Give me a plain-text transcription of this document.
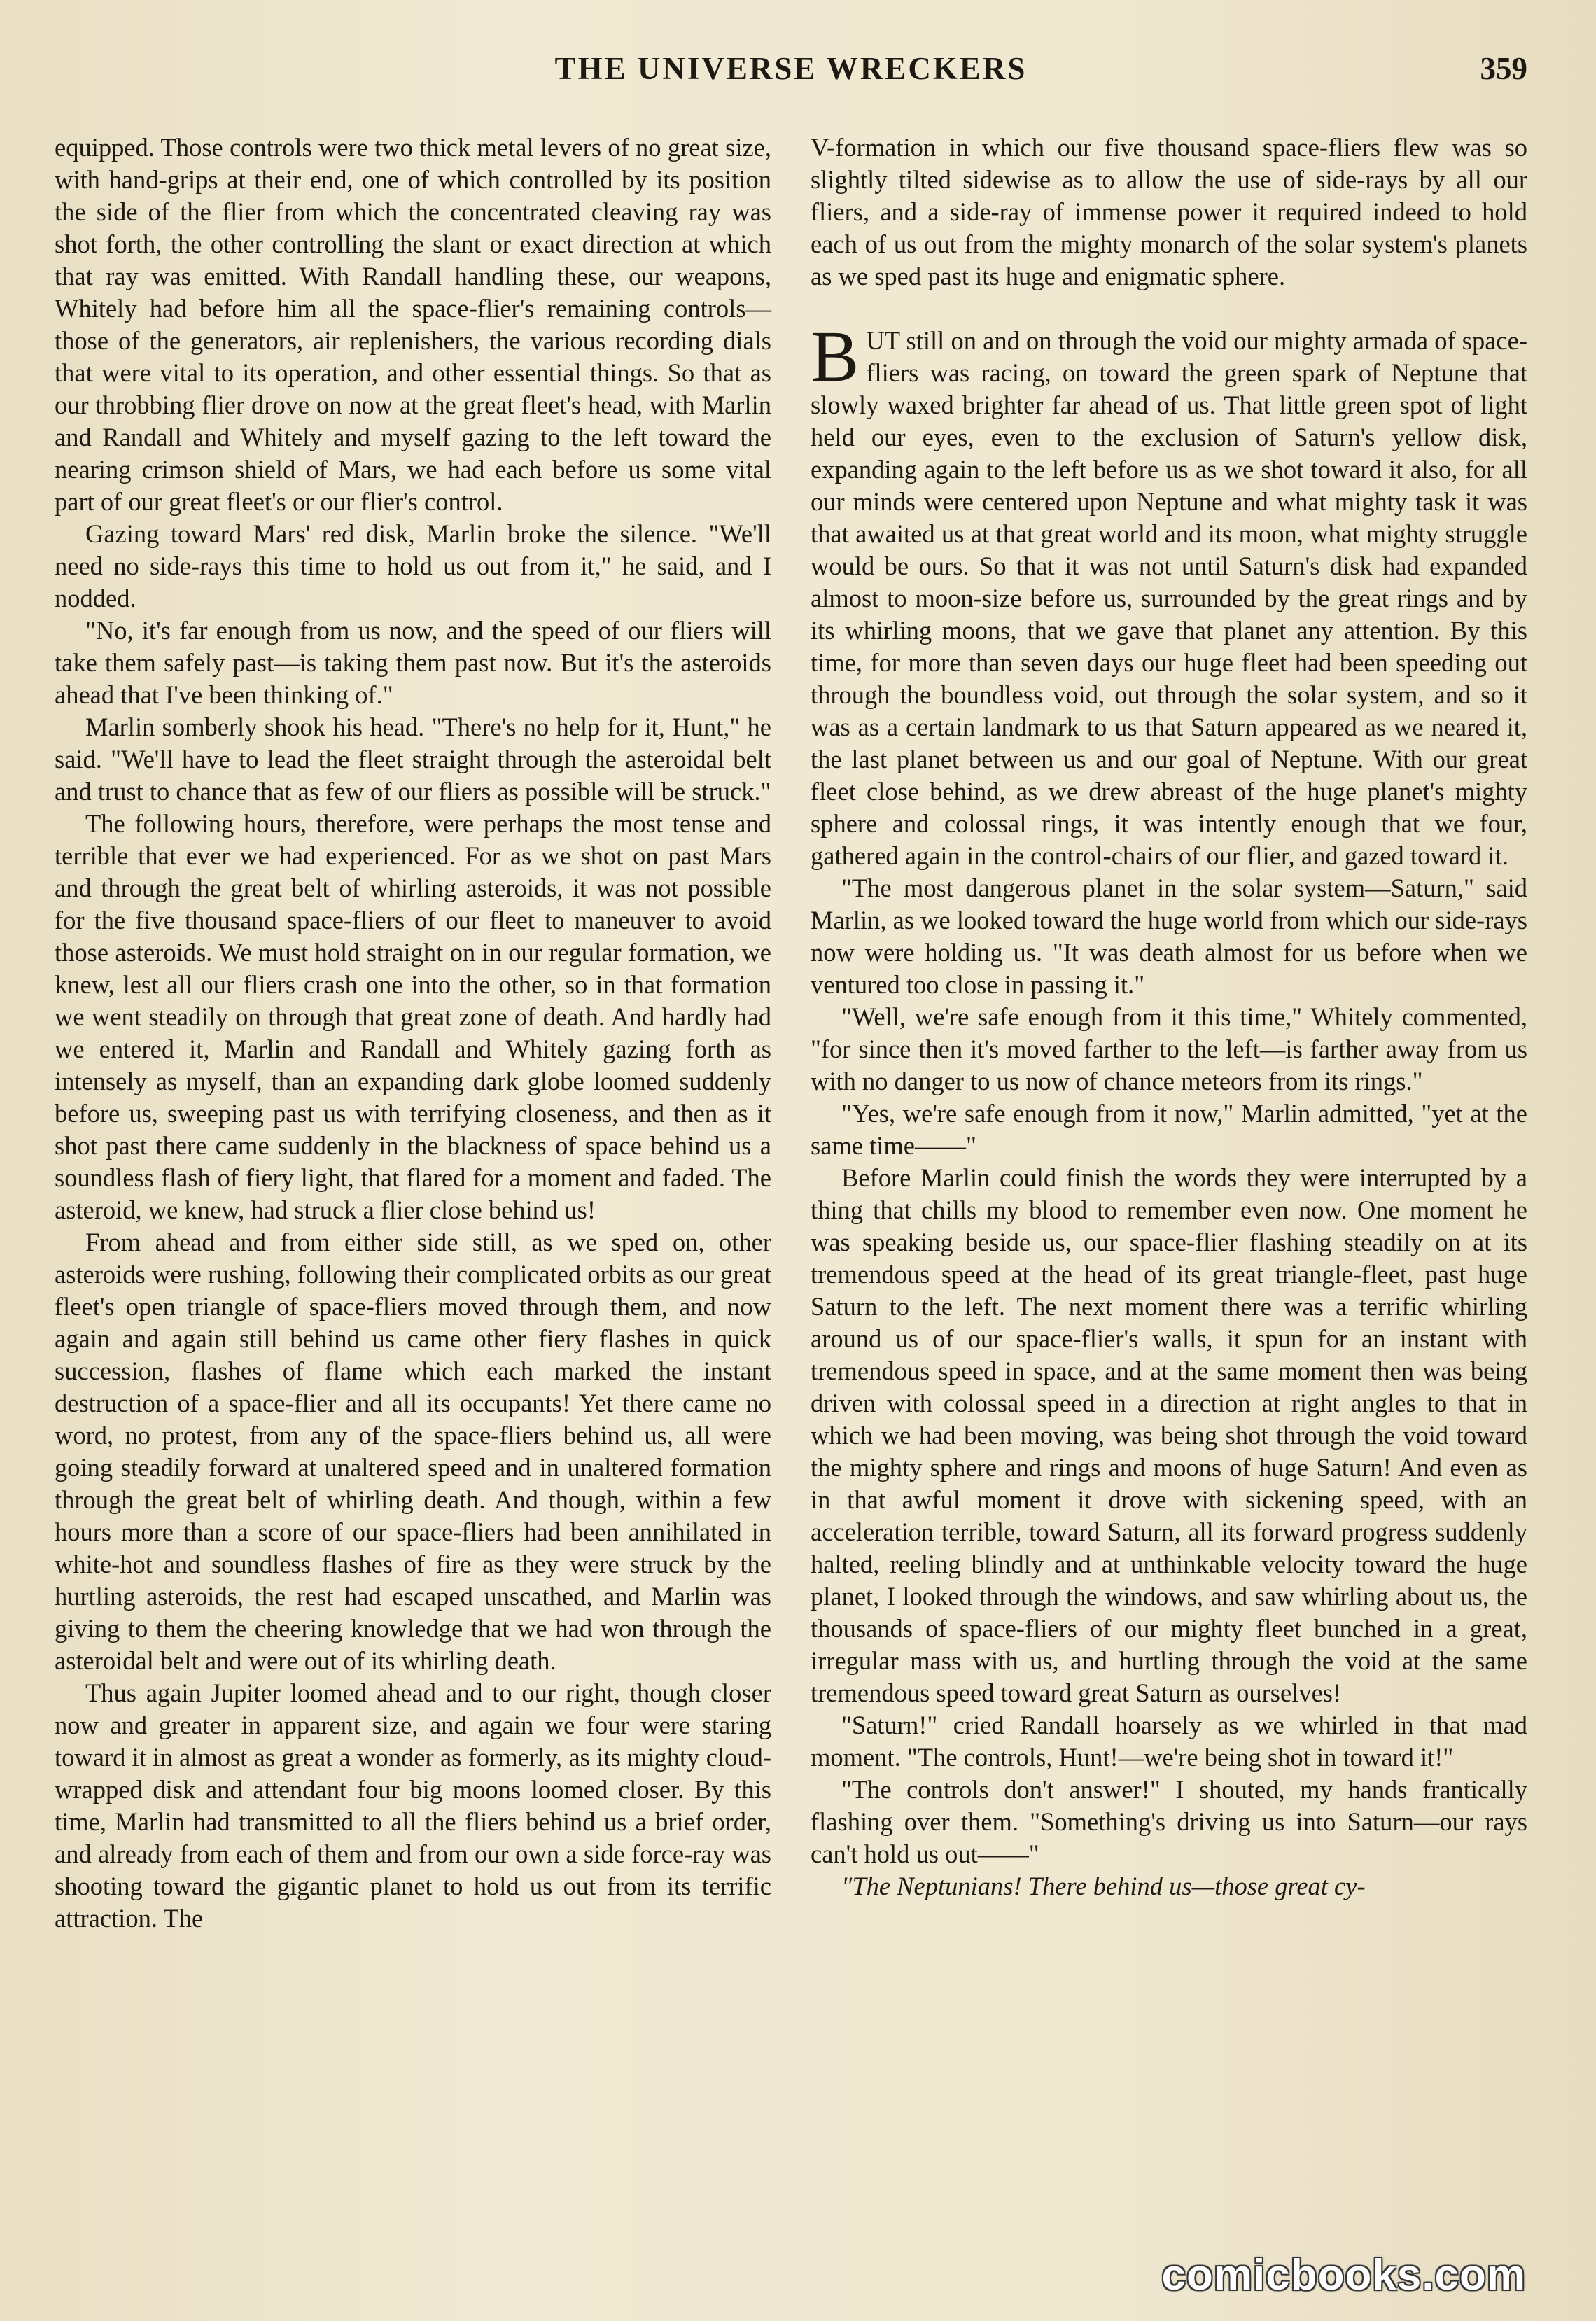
THE UNIVERSE WRECKERS	359

equipped. Those controls were two thick metal levers of no great size, with hand-grips at their end, one of which controlled by its position the side of the flier from which the concentrated cleaving ray was shot forth, the other controlling the slant or exact direction at which that ray was emitted. With Randall handling these, our weapons, Whitely had before him all the space-flier's remaining controls—those of the generators, air replenishers, the various recording dials that were vital to its operation, and other essential things. So that as our throbbing flier drove on now at the great fleet's head, with Marlin and Randall and Whitely and myself gazing to the left toward the nearing crimson shield of Mars, we had each before us some vital part of our great fleet's or our flier's control.

Gazing toward Mars' red disk, Marlin broke the silence. "We'll need no side-rays this time to hold us out from it," he said, and I nodded.

"No, it's far enough from us now, and the speed of our fliers will take them safely past—is taking them past now. But it's the asteroids ahead that I've been thinking of."

Marlin somberly shook his head. "There's no help for it, Hunt," he said. "We'll have to lead the fleet straight through the asteroidal belt and trust to chance that as few of our fliers as possible will be struck."

The following hours, therefore, were perhaps the most tense and terrible that ever we had experienced. For as we shot on past Mars and through the great belt of whirling asteroids, it was not possible for the five thousand space-fliers of our fleet to maneuver to avoid those asteroids. We must hold straight on in our regular formation, we knew, lest all our fliers crash one into the other, so in that formation we went steadily on through that great zone of death. And hardly had we entered it, Marlin and Randall and Whitely gazing forth as intensely as myself, than an expanding dark globe loomed suddenly before us, sweeping past us with terrifying closeness, and then as it shot past there came suddenly in the blackness of space behind us a soundless flash of fiery light, that flared for a moment and faded. The asteroid, we knew, had struck a flier close behind us!

From ahead and from either side still, as we sped on, other asteroids were rushing, following their complicated orbits as our great fleet's open triangle of space-fliers moved through them, and now again and again still behind us came other fiery flashes in quick succession, flashes of flame which each marked the instant destruction of a space-flier and all its occupants! Yet there came no word, no protest, from any of the space-fliers behind us, all were going steadily forward at unaltered speed and in unaltered formation through the great belt of whirling death. And though, within a few hours more than a score of our space-fliers had been annihilated in white-hot and soundless flashes of fire as they were struck by the hurtling asteroids, the rest had escaped unscathed, and Marlin was giving to them the cheering knowledge that we had won through the asteroidal belt and were out of its whirling death.

Thus again Jupiter loomed ahead and to our right, though closer now and greater in apparent size, and again we four were staring toward it in almost as great a wonder as formerly, as its mighty cloud-wrapped disk and attendant four big moons loomed closer. By this time, Marlin had transmitted to all the fliers behind us a brief order, and already from each of them and from our own a side force-ray was shooting toward the gigantic planet to hold us out from its terrific attraction. The

V-formation in which our five thousand space-fliers flew was so slightly tilted sidewise as to allow the use of side-rays by all our fliers, and a side-ray of immense power it required indeed to hold each of us out from the mighty monarch of the solar system's planets as we sped past its huge and enigmatic sphere.

BUT still on and on through the void our mighty armada of space-fliers was racing, on toward the green spark of Neptune that slowly waxed brighter far ahead of us. That little green spot of light held our eyes, even to the exclusion of Saturn's yellow disk, expanding again to the left before us as we shot toward it also, for all our minds were centered upon Neptune and what mighty task it was that awaited us at that great world and its moon, what mighty struggle would be ours. So that it was not until Saturn's disk had expanded almost to moon-size before us, surrounded by the great rings and by its whirling moons, that we gave that planet any attention. By this time, for more than seven days our huge fleet had been speeding out through the boundless void, out through the solar system, and so it was as a certain landmark to us that Saturn appeared as we neared it, the last planet between us and our goal of Neptune. With our great fleet close behind, as we drew abreast of the huge planet's mighty sphere and colossal rings, it was intently enough that we four, gathered again in the control-chairs of our flier, and gazed toward it.

"The most dangerous planet in the solar system—Saturn," said Marlin, as we looked toward the huge world from which our side-rays now were holding us. "It was death almost for us before when we ventured too close in passing it."

"Well, we're safe enough from it this time," Whitely commented, "for since then it's moved farther to the left—is farther away from us with no danger to us now of chance meteors from its rings."

"Yes, we're safe enough from it now," Marlin admitted, "yet at the same time——"

Before Marlin could finish the words they were interrupted by a thing that chills my blood to remember even now. One moment he was speaking beside us, our space-flier flashing steadily on at its tremendous speed at the head of its great triangle-fleet, past huge Saturn to the left. The next moment there was a terrific whirling around us of our space-flier's walls, it spun for an instant with tremendous speed in space, and at the same moment then was being driven with colossal speed in a direction at right angles to that in which we had been moving, was being shot through the void toward the mighty sphere and rings and moons of huge Saturn! And even as in that awful moment it drove with sickening speed, with an acceleration terrible, toward Saturn, all its forward progress suddenly halted, reeling blindly and at unthinkable velocity toward the huge planet, I looked through the windows, and saw whirling about us, the thousands of space-fliers of our mighty fleet bunched in a great, irregular mass with us, and hurtling through the void at the same tremendous speed toward great Saturn as ourselves!

"Saturn!" cried Randall hoarsely as we whirled in that mad moment. "The controls, Hunt!—we're being shot in toward it!"

"The controls don't answer!" I shouted, my hands frantically flashing over them. "Something's driving us into Saturn—our rays can't hold us out——"

"The Neptunians! There behind us—those great cy-

comicbooks.com
